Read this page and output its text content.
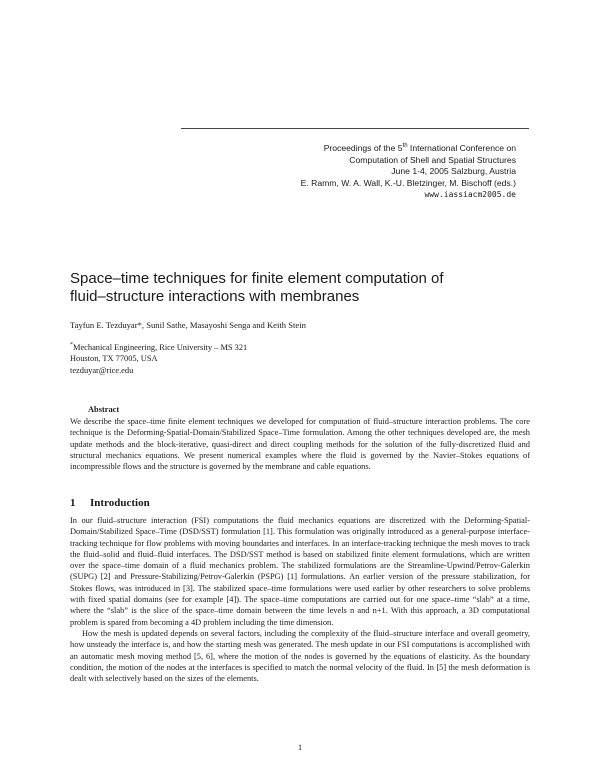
Proceedings of the 5th International Conference on
Computation of Shell and Spatial Structures
June 1-4, 2005 Salzburg, Austria
E. Ramm, W. A. Wall, K.-U. Bletzinger, M. Bischoff (eds.)
www.iassiacm2005.de
Space–time techniques for finite element computation of
fluid–structure interactions with membranes
Tayfun E. Tezduyar*, Sunil Sathe, Masayoshi Senga and Keith Stein
*Mechanical Engineering, Rice University – MS 321
Houston, TX 77005, USA
tezduyar@rice.edu
Abstract
We describe the space–time finite element techniques we developed for computation of fluid–structure interaction problems. The core technique is the Deforming-Spatial-Domain/Stabilized Space–Time formulation. Among the other techniques developed are, the mesh update methods and the block-iterative, quasi-direct and direct coupling methods for the solution of the fully-discretized fluid and structural mechanics equations. We present numerical examples where the fluid is governed by the Navier–Stokes equations of incompressible flows and the structure is governed by the membrane and cable equations.
1 Introduction

In our fluid–structure interaction (FSI) computations the fluid mechanics equations are discretized with the Deforming-Spatial-Domain/Stabilized Space–Time (DSD/SST) formulation [1]. This formulation was originally introduced as a general-purpose interface-tracking technique for flow problems with moving boundaries and interfaces. In an interface-tracking technique the mesh moves to track the fluid–solid and fluid–fluid interfaces. The DSD/SST method is based on stabilized finite element formulations, which are written over the space–time domain of a fluid mechanics problem. The stabilized formulations are the Streamline-Upwind/Petrov-Galerkin (SUPG) [2] and Pressure-Stabilizing/Petrov-Galerkin (PSPG) [1] formulations. An earlier version of the pressure stabilization, for Stokes flows, was introduced in [3]. The stabilized space–time formulations were used earlier by other researchers to solve problems with fixed spatial domains (see for example [4]). The space–time computations are carried out for one space–time “slab” at a time, where the “slab” is the slice of the space–time domain between the time levels n and n+1. With this approach, a 3D computational problem is spared from becoming a 4D problem including the time dimension.

How the mesh is updated depends on several factors, including the complexity of the fluid–structure interface and overall geometry, how unsteady the interface is, and how the starting mesh was generated. The mesh update in our FSI computations is accomplished with an automatic mesh moving method [5, 6], where the motion of the nodes is governed by the equations of elasticity. As the boundary condition, the motion of the nodes at the interfaces is specified to match the normal velocity of the fluid. In [5] the mesh deformation is dealt with selectively based on the sizes of the elements.

1
